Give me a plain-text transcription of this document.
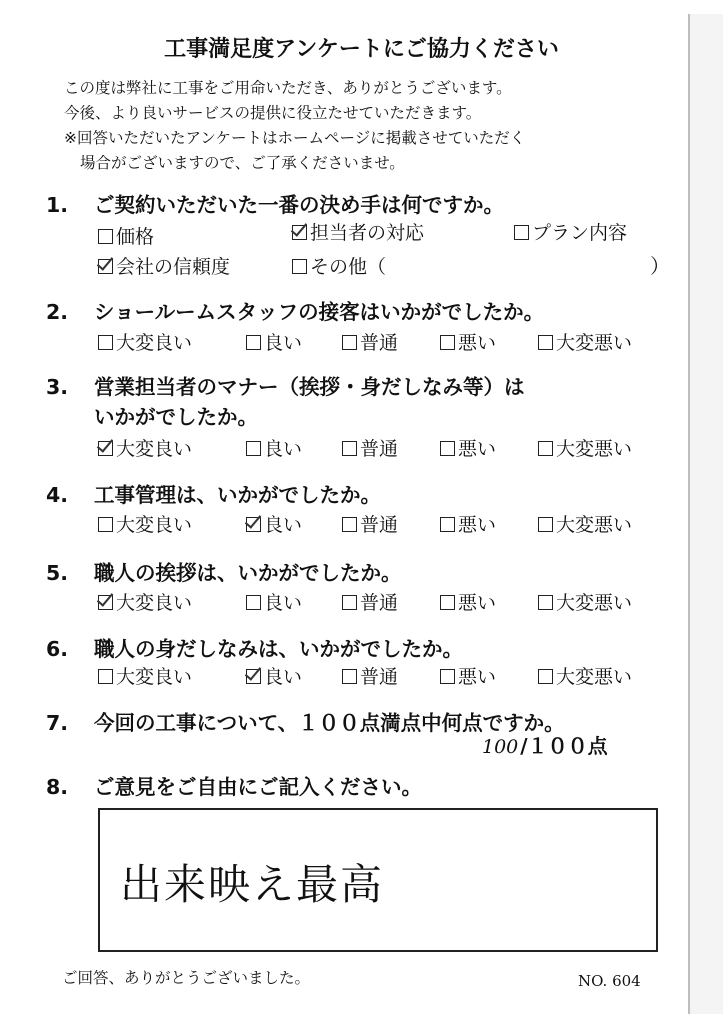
工事満足度アンケートにご協力ください
この度は弊社に工事をご用命いただき、ありがとうございます。
今後、より良いサービスの提供に役立たせていただきます。
※回答いただいたアンケートはホームページに掲載させていただく
場合がございますので、ご了承くださいませ。
1. ご契約いただいた一番の決め手は何ですか。
価格	担当者の対応	プラン内容
会社の信頼度	その他（	）
2. ショールームスタッフの接客はいかがでしたか。
大変良い	良い	普通	悪い	大変悪い
3. 営業担当者のマナー（挨拶・身だしなみ等）は
いかがでしたか。
大変良い	良い	普通	悪い	大変悪い
4. 工事管理は、いかがでしたか。
大変良い	良い	普通	悪い	大変悪い
5. 職人の挨拶は、いかがでしたか。
大変良い	良い	普通	悪い	大変悪い
6. 職人の身だしなみは、いかがでしたか。
大変良い	良い	普通	悪い	大変悪い
7. 今回の工事について、１００点満点中何点ですか。
100 /１００点
8. ご意見をご自由にご記入ください。
出来映え最高
ご回答、ありがとうございました。	NO. 604
